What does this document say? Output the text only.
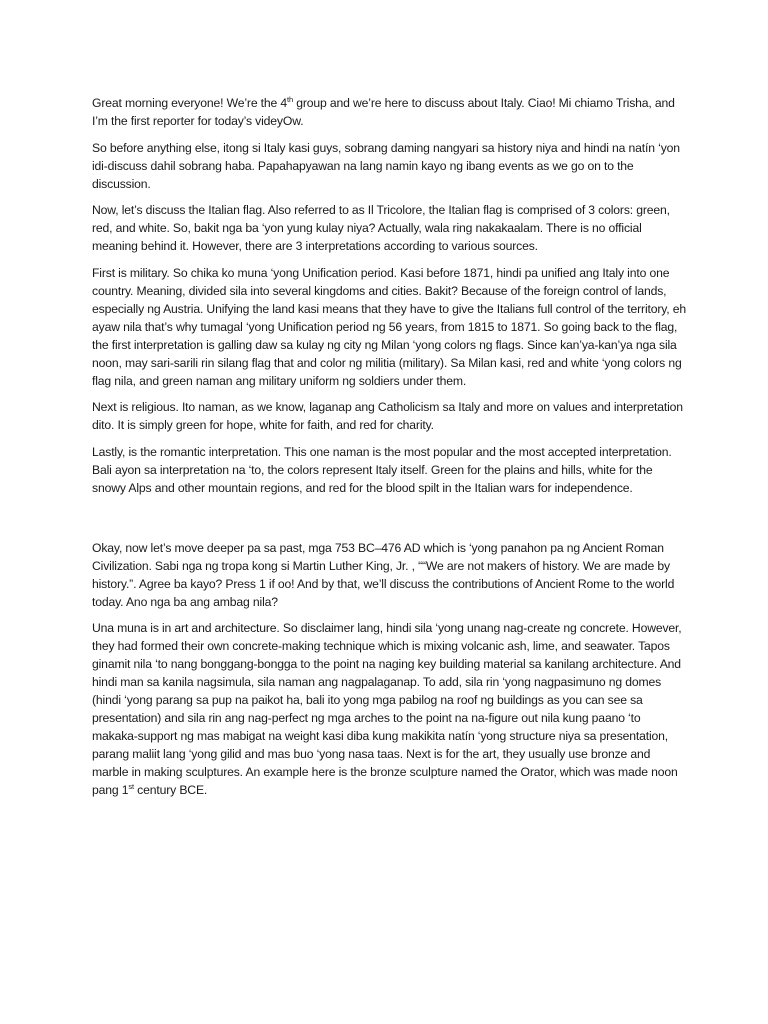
Great morning everyone! We’re the 4th group and we’re here to discuss about Italy. Ciao! Mi chiamo Trisha, and I’m the first reporter for today’s videyOw.

So before anything else, itong si Italy kasi guys, sobrang daming nangyari sa history niya and hindi na natín ‘yon idi-discuss dahil sobrang haba. Papahapyawan na lang namin kayo ng ibang events as we go on to the discussion.

Now, let’s discuss the Italian flag. Also referred to as Il Tricolore, the Italian flag is comprised of 3 colors: green, red, and white. So, bakit nga ba ‘yon yung kulay niya? Actually, wala ring nakakaalam. There is no official meaning behind it. However, there are 3 interpretations according to various sources.

First is military. So chika ko muna ‘yong Unification period. Kasi before 1871, hindi pa unified ang Italy into one country. Meaning, divided sila into several kingdoms and cities. Bakit? Because of the foreign control of lands, especially ng Austria. Unifying the land kasi means that they have to give the Italians full control of the territory, eh ayaw nila that’s why tumagal ‘yong Unification period ng 56 years, from 1815 to 1871. So going back to the flag, the first interpretation is galling daw sa kulay ng city ng Milan ‘yong colors ng flags. Since kan’ya-kan’ya nga sila noon, may sari-sarili rin silang flag that and color ng militia (military). Sa Milan kasi, red and white ‘yong colors ng flag nila, and green naman ang military uniform ng soldiers under them.

Next is religious. Ito naman, as we know, laganap ang Catholicism sa Italy and more on values and interpretation dito. It is simply green for hope, white for faith, and red for charity.

Lastly, is the romantic interpretation. This one naman is the most popular and the most accepted interpretation. Bali ayon sa interpretation na ‘to, the colors represent Italy itself. Green for the plains and hills, white for the snowy Alps and other mountain regions, and red for the blood spilt in the Italian wars for independence.

Okay, now let’s move deeper pa sa past, mga 753 BC–476 AD which is ‘yong panahon pa ng Ancient Roman Civilization. Sabi nga ng tropa kong si Martin Luther King, Jr. , ““We are not makers of history. We are made by history.”. Agree ba kayo? Press 1 if oo! And by that, we’ll discuss the contributions of Ancient Rome to the world today. Ano nga ba ang ambag nila?

Una muna is in art and architecture. So disclaimer lang, hindi sila ‘yong unang nag-create ng concrete. However, they had formed their own concrete-making technique which is mixing volcanic ash, lime, and seawater. Tapos ginamit nila ‘to nang bonggang-bongga to the point na naging key building material sa kanilang architecture. And hindi man sa kanila nagsimula, sila naman ang nagpalaganap. To add, sila rin ‘yong nagpasimuno ng domes (hindi ‘yong parang sa pup na paikot ha, bali ito yong mga pabilog na roof ng buildings as you can see sa presentation) and sila rin ang nag-perfect ng mga arches to the point na na-figure out nila kung paano ‘to makaka-support ng mas mabigat na weight kasi diba kung makikita natín ‘yong structure niya sa presentation, parang maliit lang ‘yong gilid and mas buo ‘yong nasa taas. Next is for the art, they usually use bronze and marble in making sculptures. An example here is the bronze sculpture named the Orator, which was made noon pang 1st century BCE.
